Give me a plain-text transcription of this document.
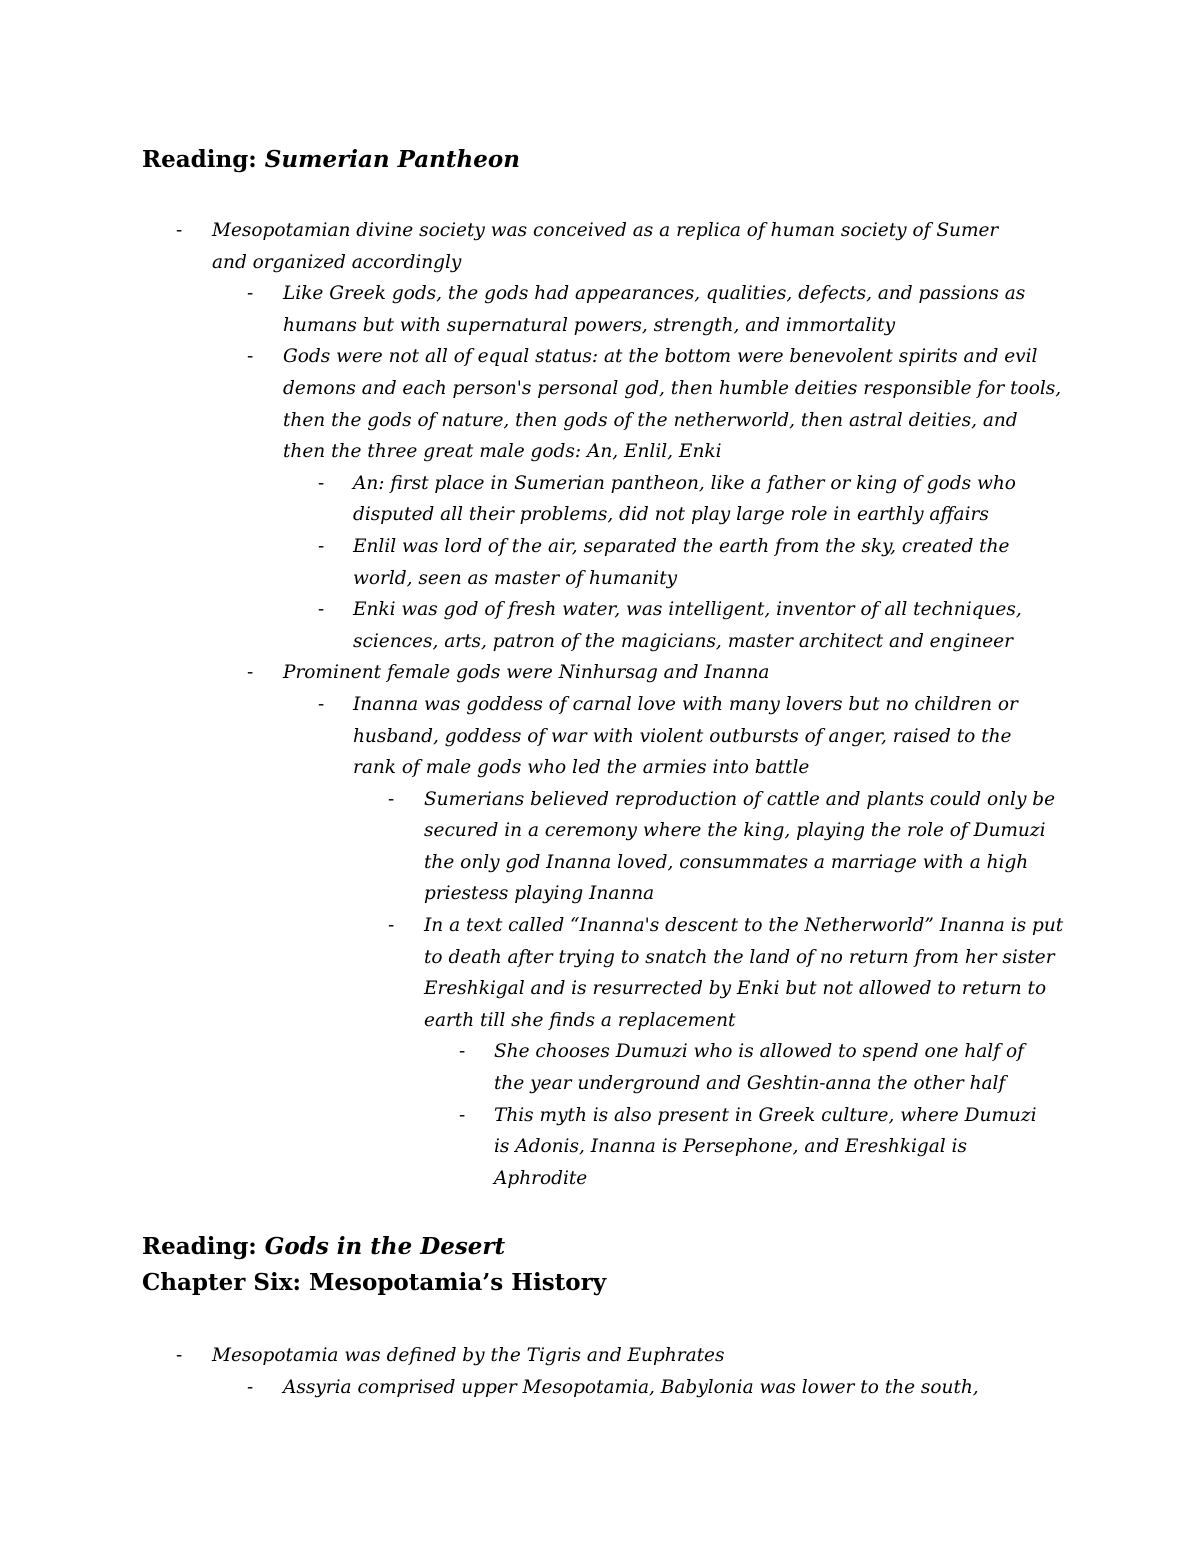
Reading: Sumerian Pantheon
- Mesopotamian divine society was conceived as a replica of human society of Sumer and organized accordingly
- Like Greek gods, the gods had appearances, qualities, defects, and passions as humans but with supernatural powers, strength, and immortality
- Gods were not all of equal status: at the bottom were benevolent spirits and evil demons and each person's personal god, then humble deities responsible for tools, then the gods of nature, then gods of the netherworld, then astral deities, and then the three great male gods: An, Enlil, Enki
- An: first place in Sumerian pantheon, like a father or king of gods who disputed all their problems, did not play large role in earthly affairs
- Enlil was lord of the air, separated the earth from the sky, created the world, seen as master of humanity
- Enki was god of fresh water, was intelligent, inventor of all techniques, sciences, arts, patron of the magicians, master architect and engineer
- Prominent female gods were Ninhursag and Inanna
- Inanna was goddess of carnal love with many lovers but no children or husband, goddess of war with violent outbursts of anger, raised to the rank of male gods who led the armies into battle
- Sumerians believed reproduction of cattle and plants could only be secured in a ceremony where the king, playing the role of Dumuzi the only god Inanna loved, consummates a marriage with a high priestess playing Inanna
- In a text called “Inanna's descent to the Netherworld” Inanna is put to death after trying to snatch the land of no return from her sister Ereshkigal and is resurrected by Enki but not allowed to return to earth till she finds a replacement
- She chooses Dumuzi who is allowed to spend one half of the year underground and Geshtin-anna the other half
- This myth is also present in Greek culture, where Dumuzi is Adonis, Inanna is Persephone, and Ereshkigal is Aphrodite
Reading: Gods in the Desert
Chapter Six: Mesopotamia’s History
- Mesopotamia was defined by the Tigris and Euphrates
- Assyria comprised upper Mesopotamia, Babylonia was lower to the south,
